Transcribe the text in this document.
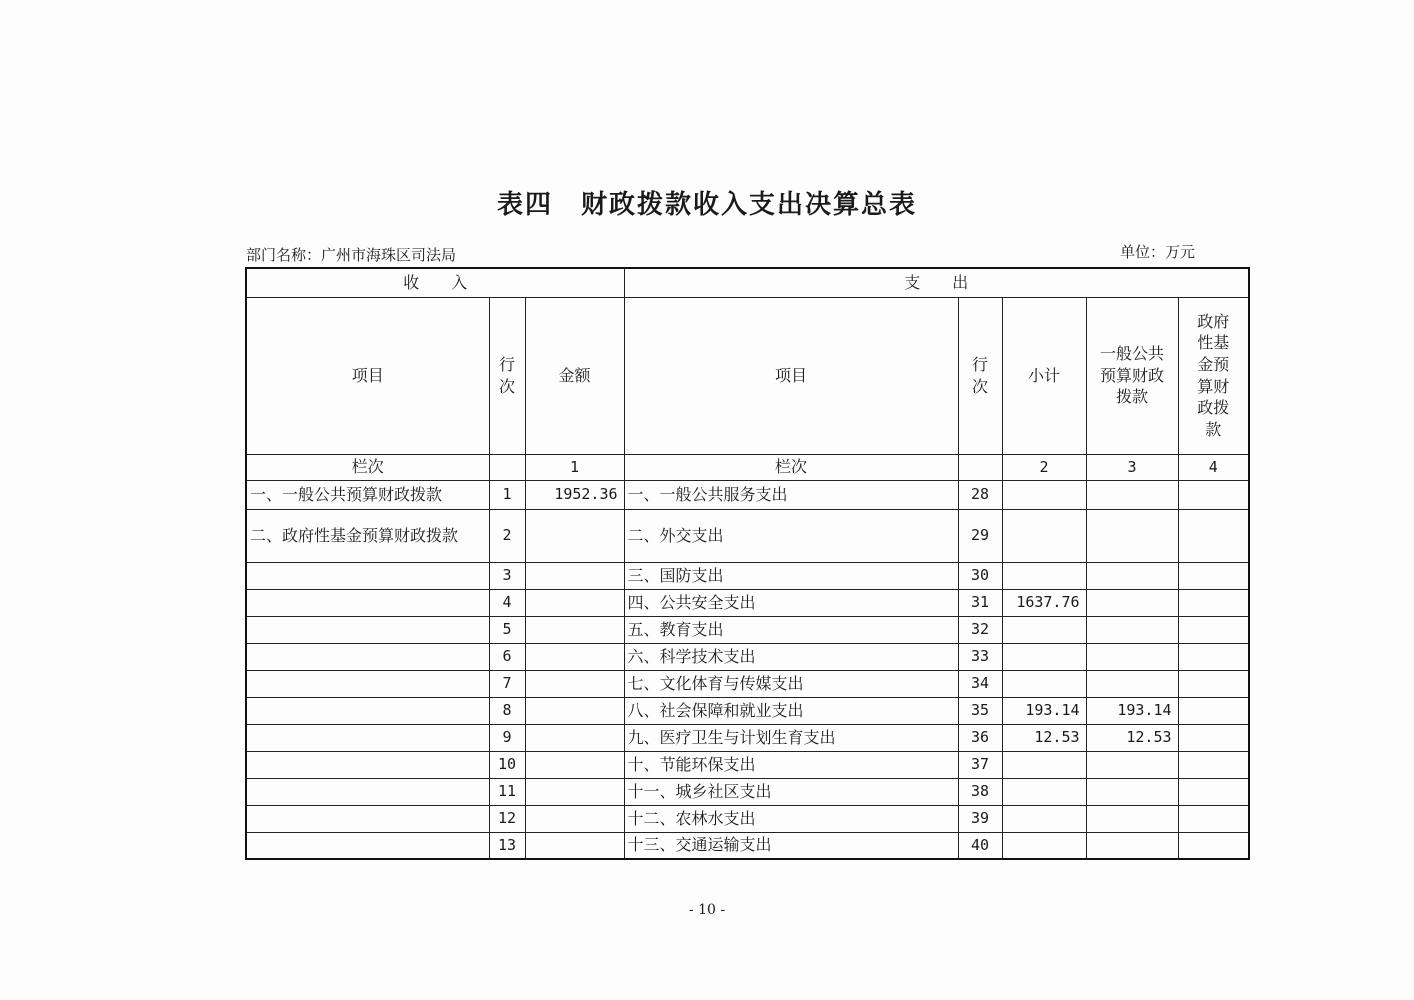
表四　财政拨款收入支出决算总表
部门名称：广州市海珠区司法局	单位：万元
收　　入			支　　出				
项目	行次	金额	项目	行次	小计	一般公共预算财政拨款	政府性基金预算财政拨款
栏次		1	栏次		2	3	4
一、一般公共预算财政拨款	1	1952.36	一、一般公共服务支出	28			
二、政府性基金预算财政拨款	2		二、外交支出	29			
	3		三、国防支出	30			
	4		四、公共安全支出	31	1637.76		
	5		五、教育支出	32			
	6		六、科学技术支出	33			
	7		七、文化体育与传媒支出	34			
	8		八、社会保障和就业支出	35	193.14	193.14	
	9		九、医疗卫生与计划生育支出	36	12.53	12.53	
	10		十、节能环保支出	37			
	11		十一、城乡社区支出	38			
	12		十二、农林水支出	39			
	13		十三、交通运输支出	40			
- 10 -
